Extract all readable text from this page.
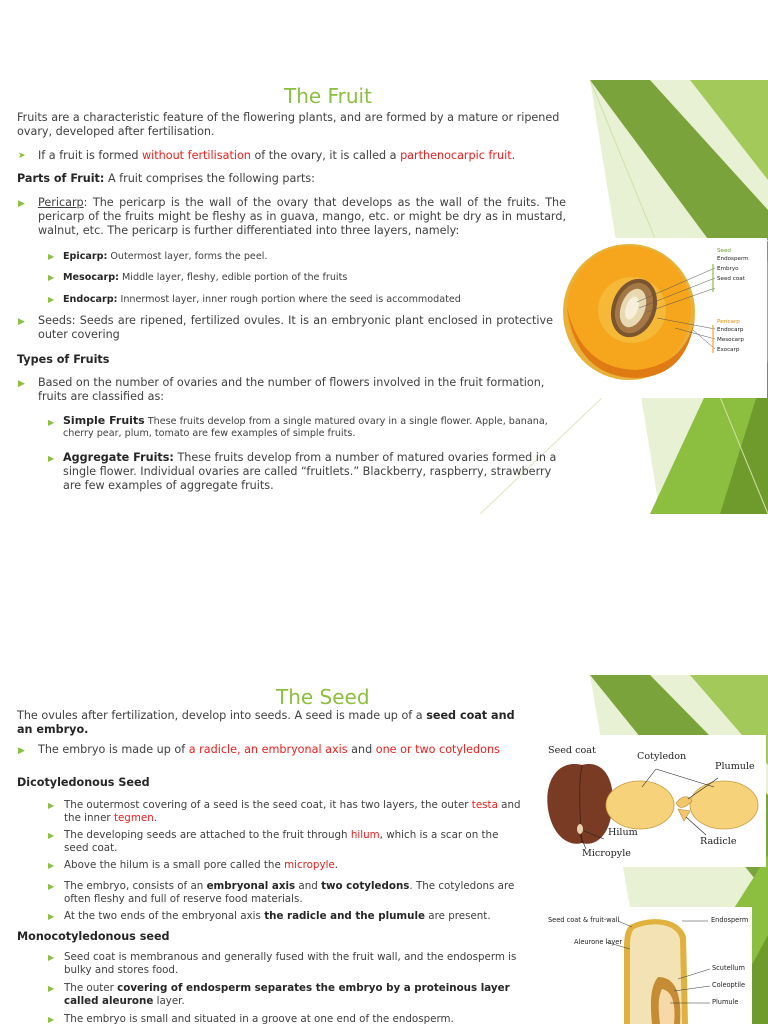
The Fruit
Fruits are a characteristic feature of the flowering plants, and are formed by a mature or ripened ovary, developed after fertilisation.
➤ If a fruit is formed without fertilisation of the ovary, it is called a parthenocarpic fruit.
Parts of Fruit: A fruit comprises the following parts:
▶ Pericarp: The pericarp is the wall of the ovary that develops as the wall of the fruits. The pericarp of the fruits might be fleshy as in guava, mango, etc. or might be dry as in mustard, walnut, etc. The pericarp is further differentiated into three layers, namely:
▶ Epicarp: Outermost layer, forms the peel.
▶ Mesocarp: Middle layer, fleshy, edible portion of the fruits
▶ Endocarp: Innermost layer, inner rough portion where the seed is accommodated
▶ Seeds: Seeds are ripened, fertilized ovules. It is an embryonic plant enclosed in protective outer covering
Types of Fruits
▶ Based on the number of ovaries and the number of flowers involved in the fruit formation, fruits are classified as:
▶ Simple Fruits These fruits develop from a single matured ovary in a single flower. Apple, banana, cherry pear, plum, tomato are few examples of simple fruits.
▶ Aggregate Fruits: These fruits develop from a number of matured ovaries formed in a single flower. Individual ovaries are called “fruitlets.” Blackberry, raspberry, strawberry are few examples of aggregate fruits.
Seed
Endosperm
Embryo
Seed coat
Pericarp
Endocarp
Mesocarp
Exocarp
The Seed
The ovules after fertilization, develop into seeds. A seed is made up of a seed coat and an embryo.
▶ The embryo is made up of a radicle, an embryonal axis and one or two cotyledons
Dicotyledonous Seed
▶ The outermost covering of a seed is the seed coat, it has two layers, the outer testa and the inner tegmen.
▶ The developing seeds are attached to the fruit through hilum, which is a scar on the seed coat.
▶ Above the hilum is a small pore called the micropyle.
▶ The embryo, consists of an embryonal axis and two cotyledons. The cotyledons are often fleshy and full of reserve food materials.
▶ At the two ends of the embryonal axis the radicle and the plumule are present.
Monocotyledonous seed
▶ Seed coat is membranous and generally fused with the fruit wall, and the endosperm is bulky and stores food.
▶ The outer covering of endosperm separates the embryo by a proteinous layer called aleurone layer.
▶ The embryo is small and situated in a groove at one end of the endosperm.
Seed coat
Cotyledon
Plumule
Hilum
Micropyle
Radicle
Seed coat & fruit-wall
Aleurone layer
Endosperm
Scutellum
Coleoptile
Plumule
